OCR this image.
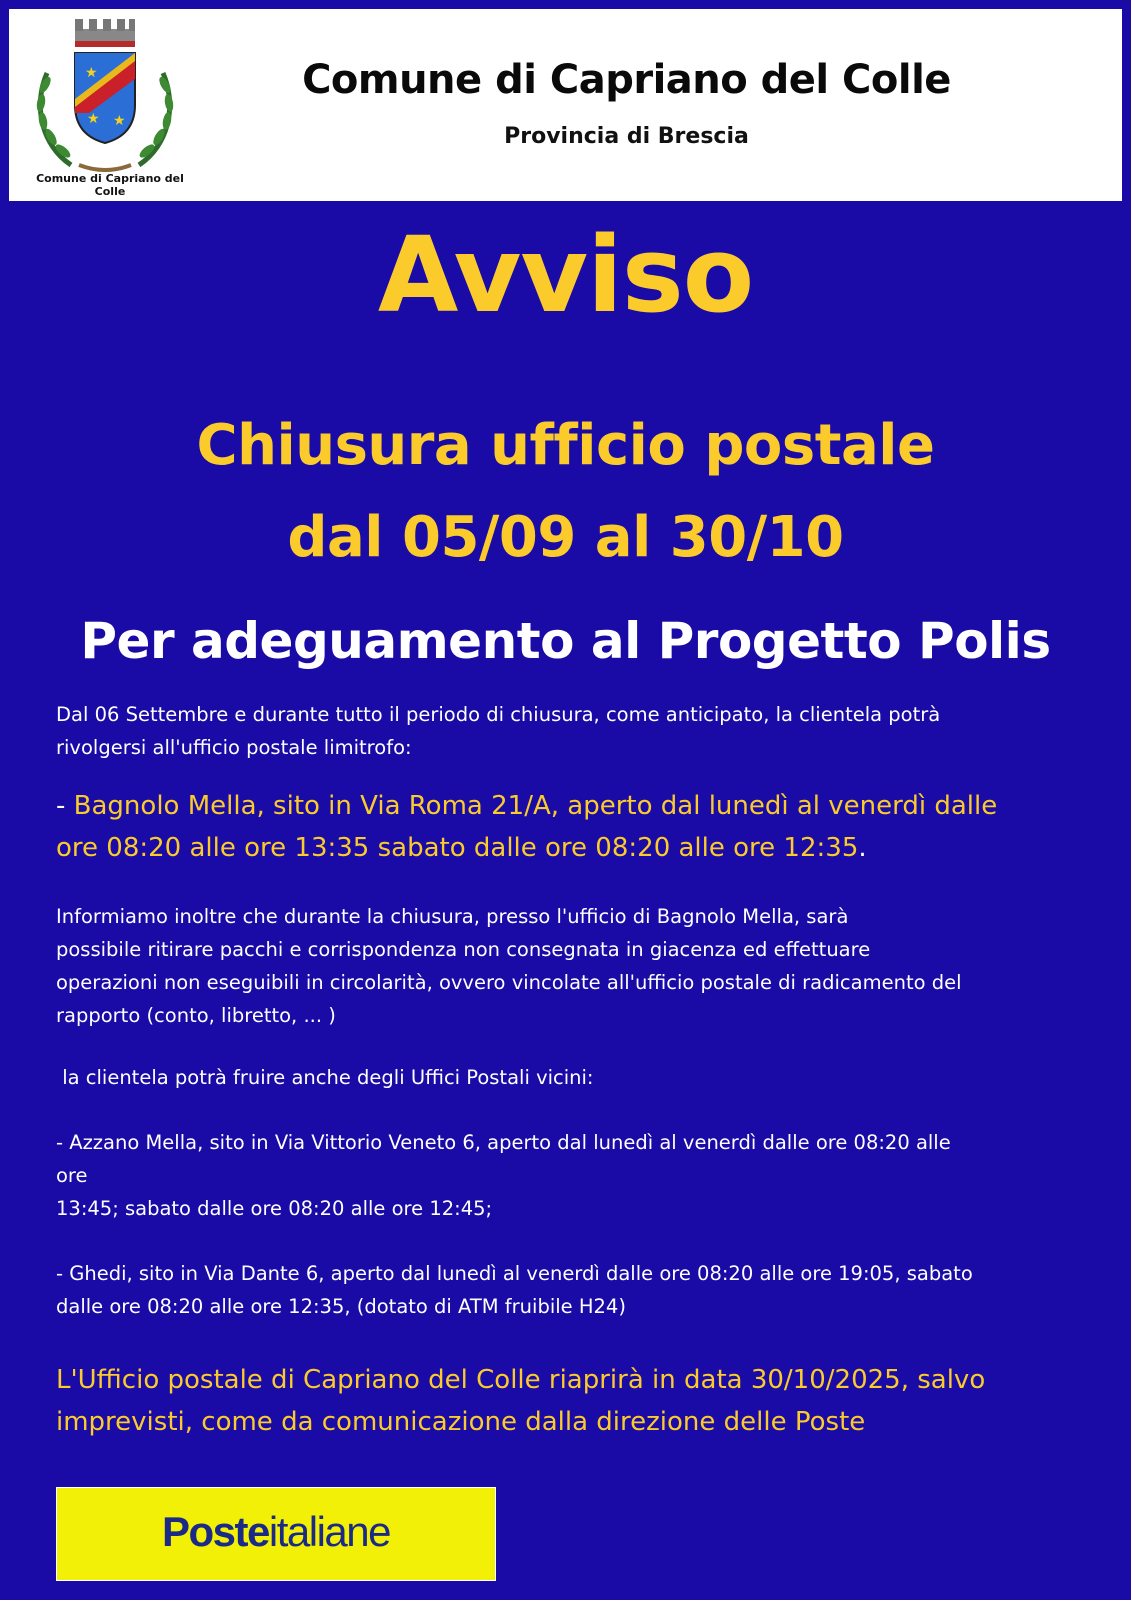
★
★
★
Comune di Capriano del Colle
Comune di Capriano del Colle
Provincia di Brescia
Avviso
Chiusura ufficio postale
dal 05/09 al 30/10
Per adeguamento al Progetto Polis
Dal 06 Settembre e durante tutto il periodo di chiusura, come anticipato, la clientela potrà
rivolgersi all'ufficio postale limitrofo:
- Bagnolo Mella, sito in Via Roma 21/A, aperto dal lunedì al venerdì dalle
ore 08:20 alle ore 13:35 sabato dalle ore 08:20 alle ore 12:35.
Informiamo inoltre che durante la chiusura, presso l'ufficio di Bagnolo Mella, sarà
possibile ritirare pacchi e corrispondenza non consegnata in giacenza ed effettuare
operazioni non eseguibili in circolarità, ovvero vincolate all'ufficio postale di radicamento del
rapporto (conto, libretto, ... )
la clientela potrà fruire anche degli Uffici Postali vicini:
- Azzano Mella, sito in Via Vittorio Veneto 6, aperto dal lunedì al venerdì dalle ore 08:20 alle
ore
13:45; sabato dalle ore 08:20 alle ore 12:45;
- Ghedi, sito in Via Dante 6, aperto dal lunedì al venerdì dalle ore 08:20 alle ore 19:05, sabato
dalle ore 08:20 alle ore 12:35, (dotato di ATM fruibile H24)
L'Ufficio postale di Capriano del Colle riaprirà in data 30/10/2025, salvo
imprevisti, come da comunicazione dalla direzione delle Poste
Posteitaliane
